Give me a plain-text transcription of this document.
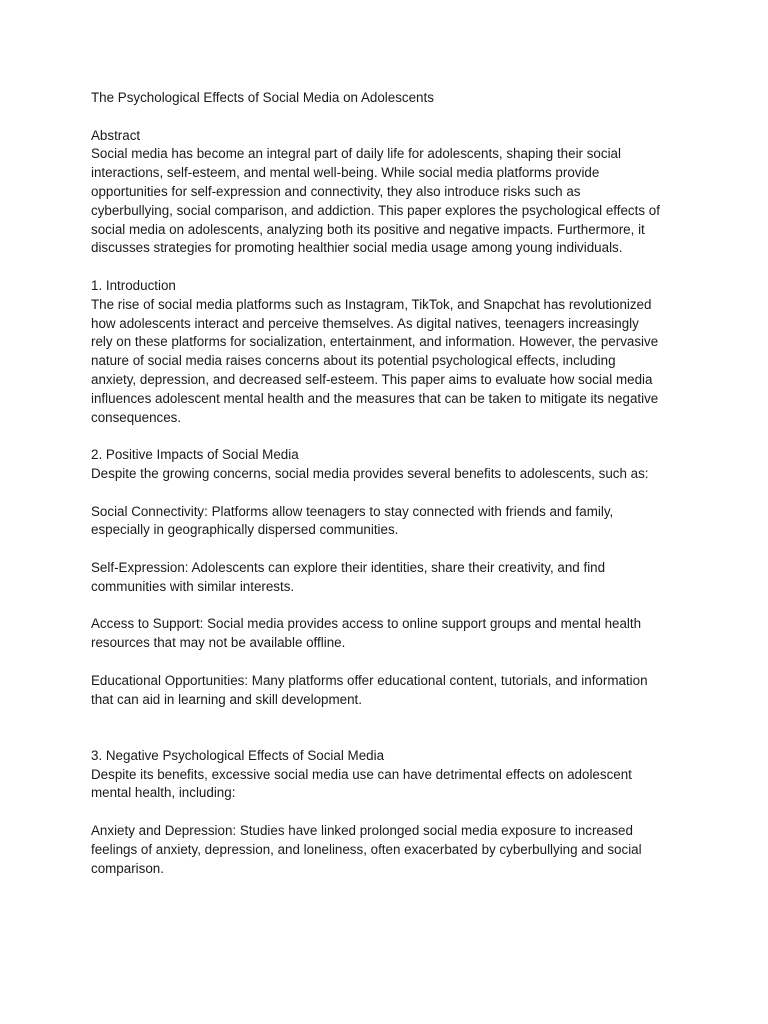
The Psychological Effects of Social Media on Adolescents

Abstract

Social media has become an integral part of daily life for adolescents, shaping their social

interactions, self-esteem, and mental well-being. While social media platforms provide

opportunities for self-expression and connectivity, they also introduce risks such as

cyberbullying, social comparison, and addiction. This paper explores the psychological effects of

social media on adolescents, analyzing both its positive and negative impacts. Furthermore, it

discusses strategies for promoting healthier social media usage among young individuals.

1. Introduction

The rise of social media platforms such as Instagram, TikTok, and Snapchat has revolutionized

how adolescents interact and perceive themselves. As digital natives, teenagers increasingly

rely on these platforms for socialization, entertainment, and information. However, the pervasive

nature of social media raises concerns about its potential psychological effects, including

anxiety, depression, and decreased self-esteem. This paper aims to evaluate how social media

influences adolescent mental health and the measures that can be taken to mitigate its negative

consequences.

2. Positive Impacts of Social Media

Despite the growing concerns, social media provides several benefits to adolescents, such as:

Social Connectivity: Platforms allow teenagers to stay connected with friends and family,

especially in geographically dispersed communities.

Self-Expression: Adolescents can explore their identities, share their creativity, and find

communities with similar interests.

Access to Support: Social media provides access to online support groups and mental health

resources that may not be available offline.

Educational Opportunities: Many platforms offer educational content, tutorials, and information

that can aid in learning and skill development.

3. Negative Psychological Effects of Social Media

Despite its benefits, excessive social media use can have detrimental effects on adolescent

mental health, including:

Anxiety and Depression: Studies have linked prolonged social media exposure to increased

feelings of anxiety, depression, and loneliness, often exacerbated by cyberbullying and social

comparison.
